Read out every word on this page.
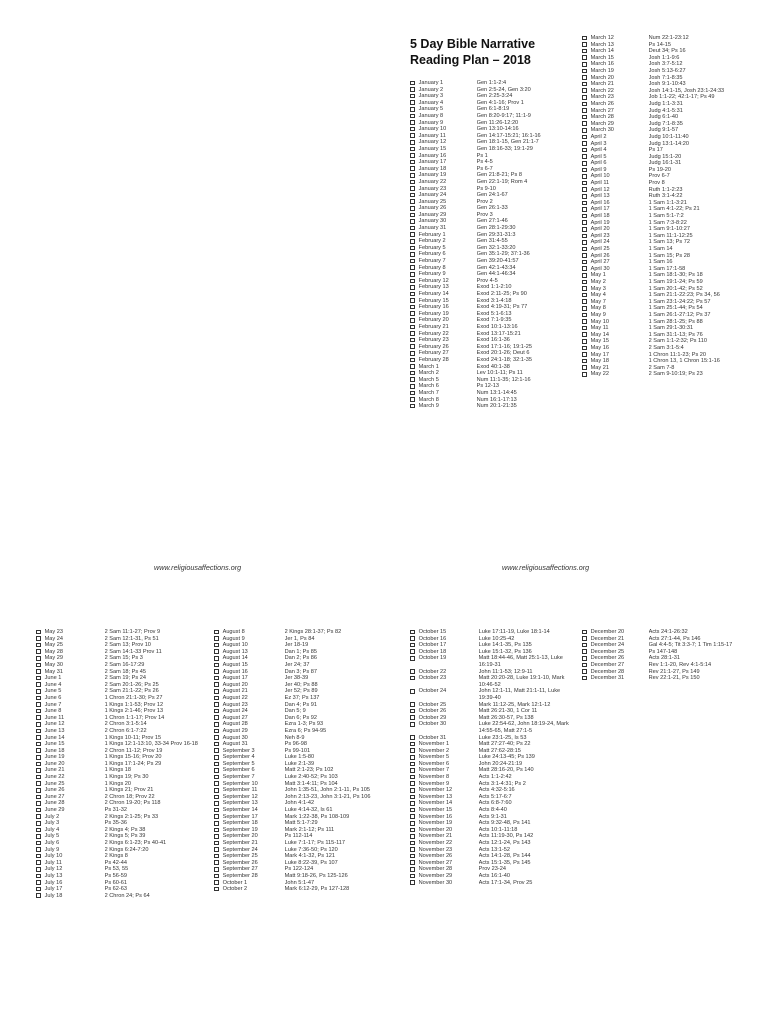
5 Day Bible Narrative
Reading Plan – 2018
January 1	Gen 1:1-2:4
January 2	Gen 2:5-24, Gen 3:20
January 3	Gen 2:25-3:24
January 4	Gen 4:1-16; Prov 1
January 5	Gen 6:1-8:19
January 8	Gen 8:20-9:17; 11:1-9
January 9	Gen 11:26-12:20
January 10	Gen 13:10-14:16
January 11	Gen 14:17-15:21; 16:1-16
January 12	Gen 18:1-15, Gen 21:1-7
January 15	Gen 18:16-33; 19:1-29
January 16	Ps 1
January 17	Ps 4-5
January 18	Ps 6-7
January 19	Gen 21:8-21; Ps 8
January 22	Gen 22:1-19; Rom 4
January 23	Ps 9-10
January 24	Gen 24:1-67
January 25	Prov 2
January 26	Gen 26:1-33
January 29	Prov 3
January 30	Gen 27:1-46
January 31	Gen 28:1-29:30
February 1	Gen 29:31-31:3
February 2	Gen 31:4-55
February 5	Gen 32:1-33:20
February 6	Gen 35:1-29; 37:1-36
February 7	Gen 39:20-41:57
February 8	Gen 42:1-43:34
February 9	Gen 44:1-46:34
February 12	Prov 4-5
February 13	Exod 1:1-2:10
February 14	Exod 2:11-25; Ps 90
February 15	Exod 3:1-4:18
February 16	Exod 4:19-31; Ps 77
February 19	Exod 5:1-6:13
February 20	Exod 7:1-9:35
February 21	Exod 10:1-13:16
February 22	Exod 13:17-15:21
February 23	Exod 16:1-36
February 26	Exod 17:1-16; 19:1-25
February 27	Exod 20:1-26; Deut 6
February 28	Exod 24:1-18; 32:1-35
March 1	Exod 40:1-38
March 2	Lev 10:1-11; Ps 11
March 5	Num 11:1-35; 12:1-16
March 6	Ps 12-13
March 7	Num 13:1-14:45
March 8	Num 16:1-17:13
March 9	Num 20:1-21:35
March 12	Num 22:1-23:12
March 13	Ps 14-15
March 14	Deut 34; Ps 16
March 15	Josh 1:1-9:6
March 16	Josh 3:7-5:12
March 19	Josh 5:13-6:27
March 20	Josh 7:1-8:35
March 21	Josh 9:1-10:43
March 22	Josh 14:1-15, Josh 23:1-24:33
March 23	Job 1:1-22; 42:1-17; Ps 49
March 26	Judg 1:1-3:31
March 27	Judg 4:1-5:31
March 28	Judg 6:1-40
March 29	Judg 7:1-8:35
March 30	Judg 9:1-57
April 2	Judg 10:1-11:40
April 3	Judg 13:1-14:20
April 4	Ps 17
April 5	Judg 15:1-20
April 6	Judg 16:1-31
April 9	Ps 19-20
April 10	Prov 6-7
April 11	Prov 8
April 12	Ruth 1:1-2:23
April 13	Ruth 3:1-4:22
April 16	1 Sam 1:1-3:21
April 17	1 Sam 4:1-22; Ps 21
April 18	1 Sam 5:1-7:2
April 19	1 Sam 7:3-8:22
April 20	1 Sam 9:1-10:27
April 23	1 Sam 11:1-12:25
April 24	1 Sam 13; Ps 72
April 25	1 Sam 14
April 26	1 Sam 15; Ps 28
April 27	1 Sam 16
April 30	1 Sam 17:1-58
May 1	1 Sam 18:1-30; Ps 18
May 2	1 Sam 19:1-24; Ps 59
May 3	1 Sam 20:1-42; Ps 52
May 4	1 Sam 21:1-22:23; Ps 34, 56
May 7	1 Sam 23:1-24:22; Ps 57
May 8	1 Sam 25:1-44; Ps 54
May 9	1 Sam 26:1-27:12; Ps 37
May 10	1 Sam 28:1-25; Ps 88
May 11	1 Sam 29:1-30:31
May 14	1 Sam 31:1-13; Ps 76
May 15	2 Sam 1:1-2:32; Ps 110
May 16	2 Sam 3:1-5:4
May 17	1 Chron 11:1-23; Ps 20
May 18	1 Chron 13, 1 Chron 15:1-16
May 21	2 Sam 7-8
May 22	2 Sam 9-10:19; Ps 23
May 23	2 Sam 11:1-27; Prov 9
May 24	2 Sam 12:1-31, Ps 51
May 25	2 Sam 13; Prov 10
May 28	2 Sam 14:1-33 Prov 11
May 29	2 Sam 15; Ps 3
May 30	2 Sam 16-17:29
May 31	2 Sam 18; Ps 45
June 1	2 Sam 19; Ps 24
June 4	2 Sam 20:1-26; Ps 25
June 5	2 Sam 21:1-22; Ps 26
June 6	1 Chron 21:1-30; Ps 27
June 7	1 Kings 1:1-53; Prov 12
June 8	1 Kings 2:1-46; Prov 13
June 11	1 Chron 1:1-17; Prov 14
June 12	2 Chron 3:1-5:14
June 13	2 Chron 6:1-7:22
June 14	1 Kings 10-11; Prov 15
June 15	1 Kings 12:1-13:10, 33-34 Prov 16-18
June 18	2 Chron 11-12; Prov 19
June 19	1 Kings 15-16; Prov 20
June 20	1 Kings 17:1-24; Ps 29
June 21	1 Kings 18
June 22	1 Kings 19; Ps 30
June 25	1 Kings 20
June 26	1 Kings 21; Prov 21
June 27	2 Chron 18; Prov 22
June 28	2 Chron 19-20; Ps 118
June 29	Ps 31-32
July 2	2 Kings 2:1-25; Ps 33
July 3	Ps 35-36
July 4	2 Kings 4; Ps 38
July 5	2 Kings 5; Ps 39
July 6	2 Kings 6:1-23; Ps 40-41
July 9	2 Kings 6:24-7:20
July 10	2 Kings 8
July 11	Ps 42-44
July 12	Ps 53, 55
July 13	Ps 56-59
July 16	Ps 60-61
July 17	Ps 62-63
July 18	2 Chron 24; Ps 64
August 8	2 Kings 28:1-37; Ps 82
August 9	Jer 1, Ps 84
August 10	Jer 18-19
August 13	Dan 1; Ps 85
August 14	Dan 2; Ps 86
August 15	Jer 24; 37
August 16	Dan 3; Ps 87
August 17	Jer 38-39
August 20	Jer 40; Ps 88
August 21	Jer 52; Ps 89
August 22	Ez 37; Ps 137
August 23	Dan 4; Ps 91
August 24	Dan 5; 9
August 27	Dan 6; Ps 92
August 28	Ezra 1-3; Ps 93
August 29	Ezra 6; Ps 94-95
August 30	Neh 8-9
August 31	Ps 96-98
September 3	Ps 99-101
September 4	Luke 1:5-80
September 5	Luke 2:1-39
September 6	Matt 2:1-23; Ps 102
September 7	Luke 2:40-52; Ps 103
September 10	Matt 3:1-4:11; Ps 104
September 11	John 1:35-51, John 2:1-11, Ps 105
September 12	John 2:13-23, John 3:1-21, Ps 106
September 13	John 4:1-42
September 14	Luke 4:14-32, Is 61
September 17	Mark 1:22-38, Ps 108-109
September 18	Matt 5:1-7:29
September 19	Mark 2:1-12; Ps 111
September 20	Ps 112-114
September 21	Luke 7:1-17; Ps 115-117
September 24	Luke 7:36-50; Ps 120
September 25	Mark 4:1-32, Ps 121
September 26	Luke 8:22-39, Ps 107
September 27	Ps 122-124
September 28	Matt 9:18-26, Ps 125-126
October 1	John 5:1-47
October 2	Mark 6:12-29, Ps 127-128
October 15	Luke 17:11-19, Luke 18:1-14
October 16	Luke 10:25-42
October 17	Luke 14:1-35, Ps 135
October 18	Luke 15:1-32, Ps 136
October 19	Matt 18:44-46, Matt 25:1-13, Luke 16:19-31
October 22	John 11:1-53; 12:9-11
October 23	Matt 20:20-28, Luke 19:1-10, Mark 10:46-52
October 24	John 12:1-11, Matt 21:1-11, Luke 19:39-40
October 25	Mark 11:12-25, Mark 12:1-12
October 26	Matt 26:21-30, 1 Cor 11
October 29	Matt 26:30-57, Ps 138
October 30	Luke 22:54-62, John 18:19-24, Mark 14:55-65, Matt 27:1-5
October 31	Luke 23:1-25, Is 53
November 1	Matt 27:27-40; Ps 22
November 2	Matt 27:62-28:15
November 5	Luke 24:13-45; Ps 139
November 6	John 20:24-21:19
November 7	Matt 28:16-20, Ps 140
November 8	Acts 1:1-2:42
November 9	Acts 3:1-4:31; Ps 2
November 12	Acts 4:32-5:16
November 13	Acts 5:17-6:7
November 14	Acts 6:8-7:60
November 15	Acts 8:4-40
November 16	Acts 9:1-31
November 19	Acts 9:32-48, Ps 141
November 20	Acts 10:1-11:18
November 21	Acts 11:19-30, Ps 142
November 22	Acts 12:1-24, Ps 143
November 23	Acts 13:1-52
November 26	Acts 14:1-28, Ps 144
November 27	Acts 15:1-35, Ps 145
November 28	Prov 23-24
November 29	Acts 16:1-40
November 30	Acts 17:1-34, Prov 25
December 20	Acts 24:1-26:32
December 21	Acts 27:1-44, Ps 146
December 24	Gal 4:4-5; Tit 3:3-7; 1 Tim 1:15-17
December 25	Ps 147-148
December 26	Acts 28:1-31
December 27	Rev 1:1-20, Rev 4:1-5:14
December 28	Rev 21:1-27, Ps 149
December 31	Rev 22:1-21, Ps 150
www.religiousaffections.org	www.religiousaffections.org
